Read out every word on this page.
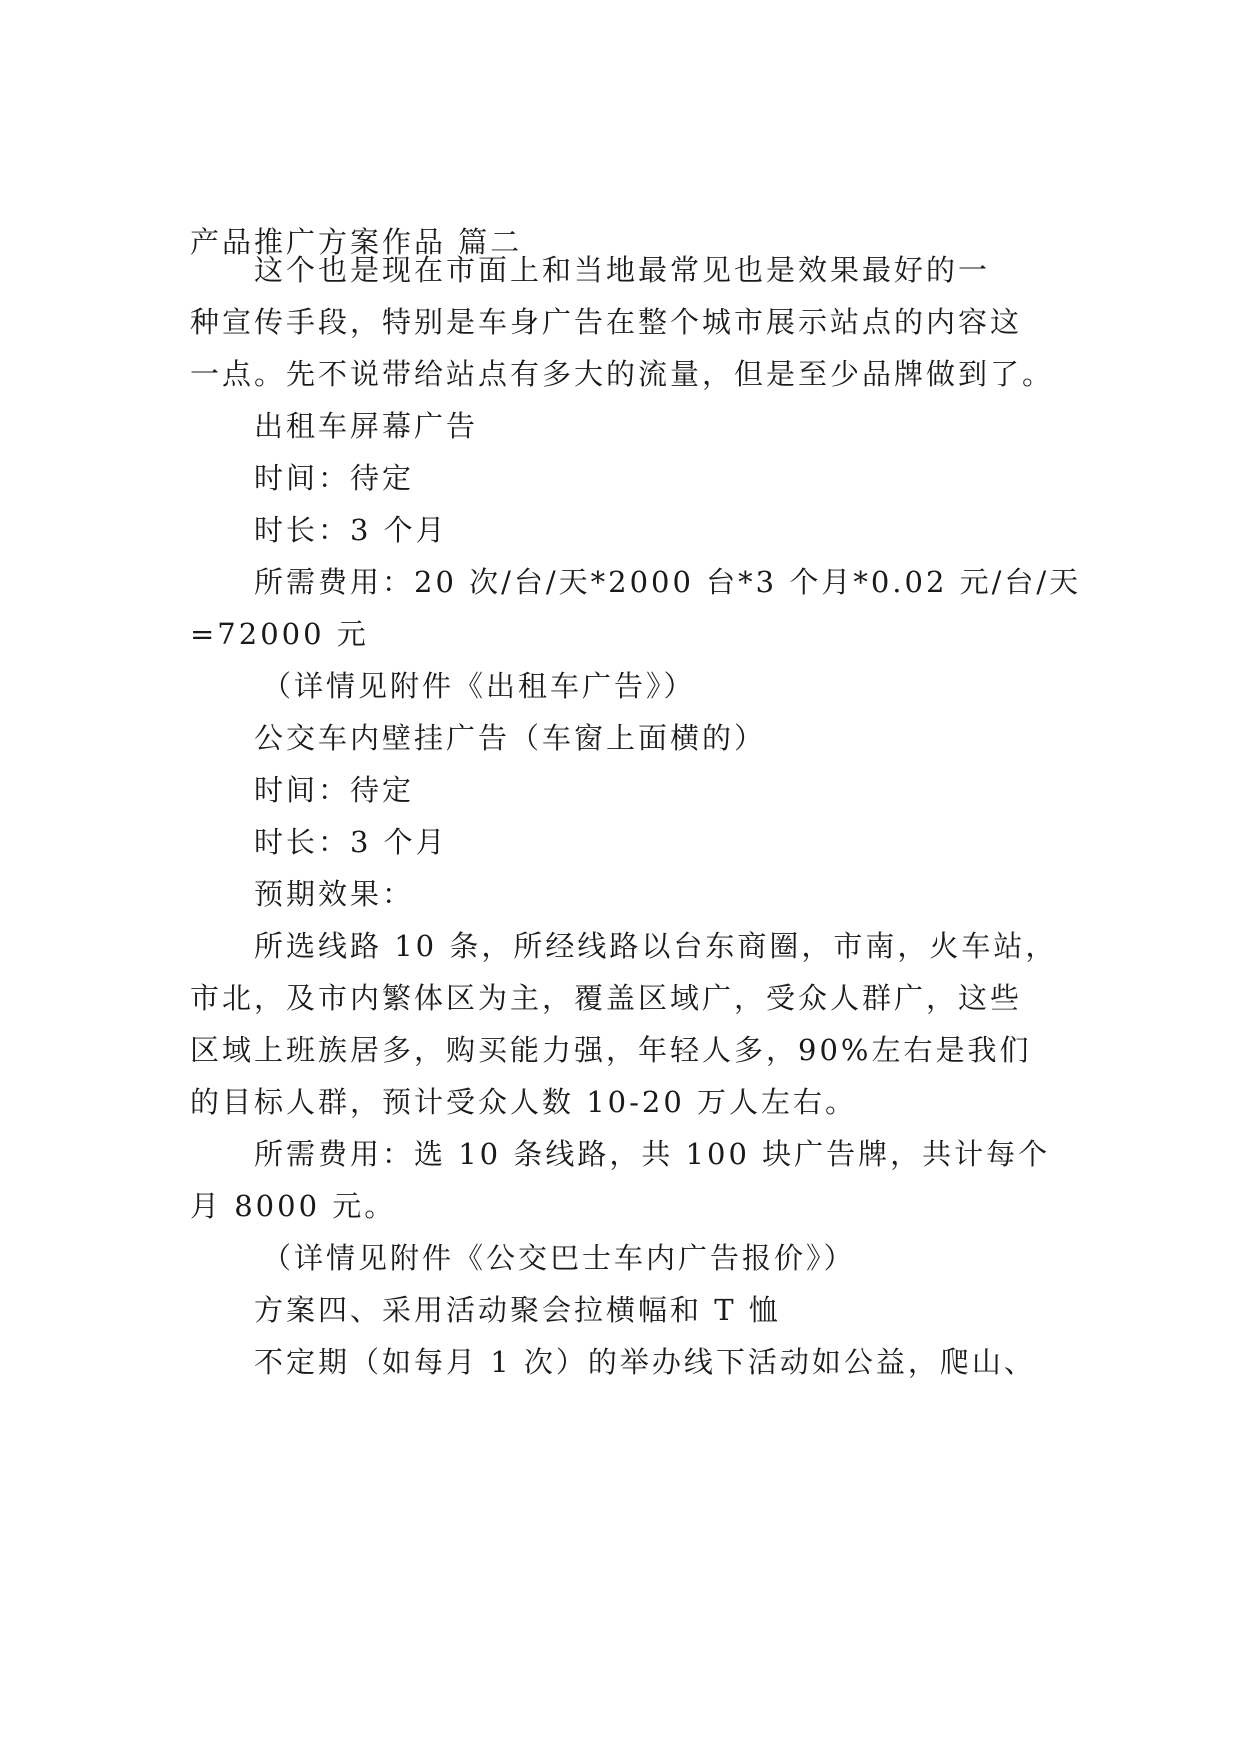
产品推广方案作品 篇二
这个也是现在市面上和当地最常见也是效果最好的一
种宣传手段，特别是车身广告在整个城市展示站点的内容这
一点。先不说带给站点有多大的流量，但是至少品牌做到了。
出租车屏幕广告
时间：待定
时长：3 个月
所需费用：20 次/台/天*2000 台*3 个月*0.02 元/台/天
=72000 元
（详情见附件《出租车广告》）
公交车内壁挂广告（车窗上面横的）
时间：待定
时长：3 个月
预期效果：
所选线路 10 条，所经线路以台东商圈，市南，火车站，
市北，及市内繁体区为主，覆盖区域广，受众人群广，这些
区域上班族居多，购买能力强，年轻人多，90%左右是我们
的目标人群，预计受众人数 10-20 万人左右。
所需费用：选 10 条线路，共 100 块广告牌，共计每个
月 8000 元。
（详情见附件《公交巴士车内广告报价》）
方案四、采用活动聚会拉横幅和 T 恤
不定期（如每月 1 次）的举办线下活动如公益，爬山、
